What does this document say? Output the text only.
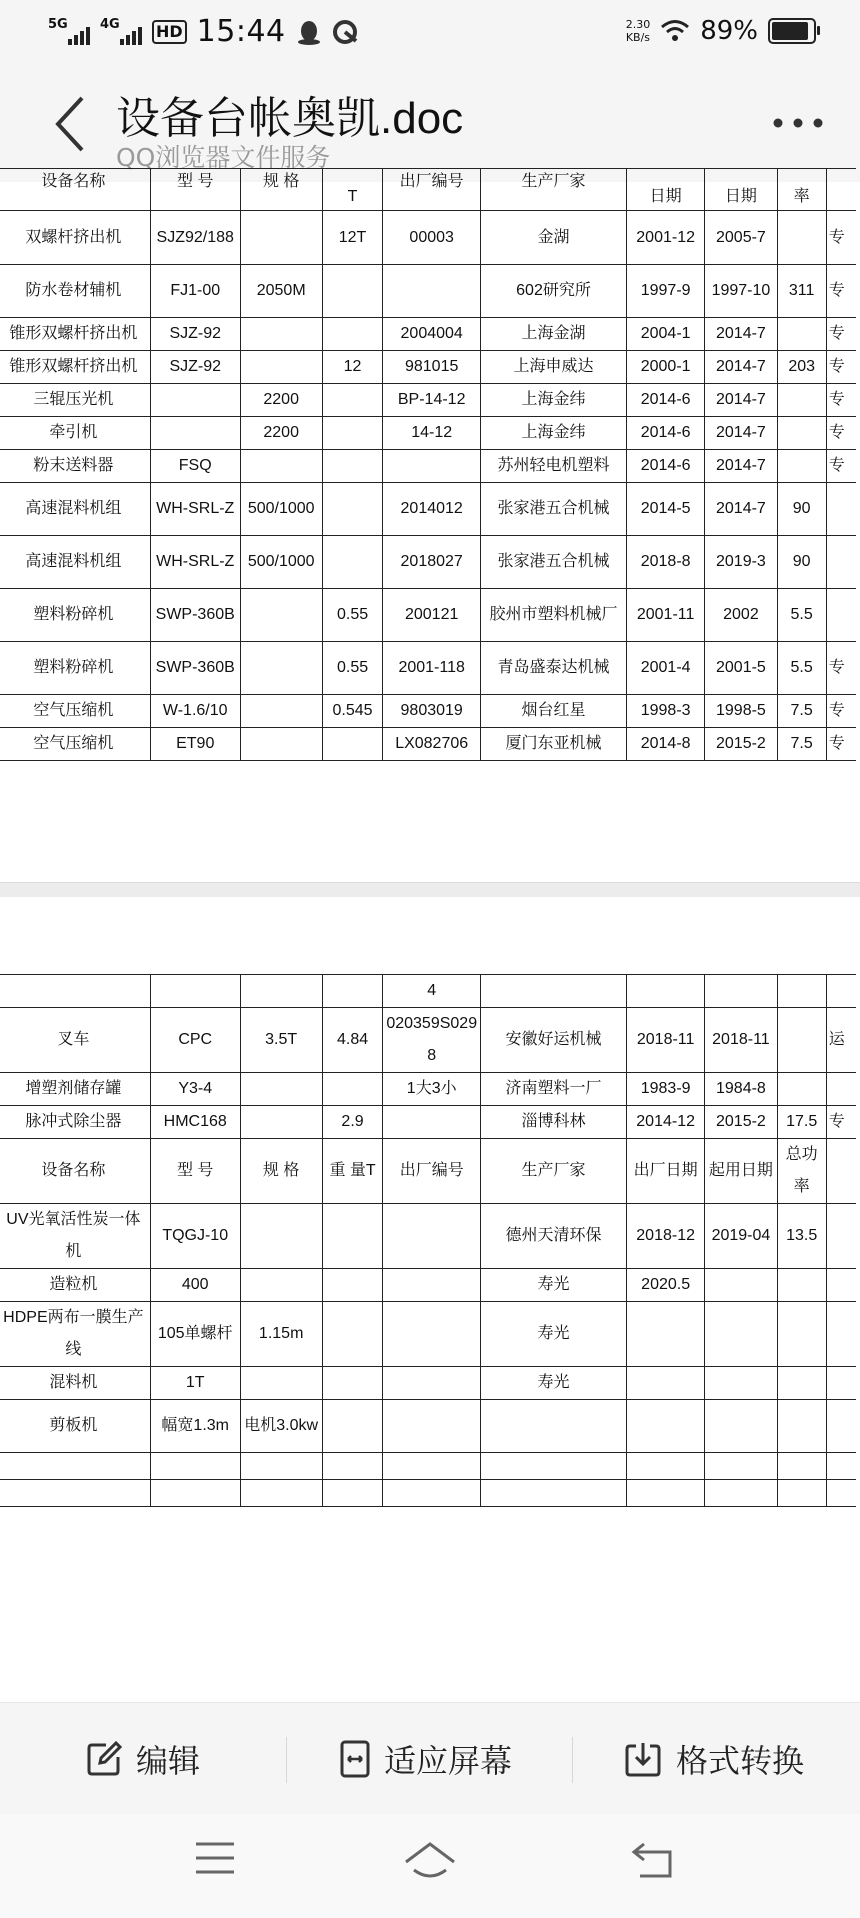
5G 4G HD 15:44	2.30
KB/s 89%
设备台帐奥凯.doc
QQ浏览器文件服务
设备名称	型 号	规 格	T	出厂编号	生产厂家	日期	日期	率	
双螺杆挤出机	SJZ92/188		12T	00003	金湖	2001-12	2005-7		专
防水卷材辅机	FJ1-00	2050M			602研究所	1997-9	1997-10	311	专
锥形双螺杆挤出机	SJZ-92			2004004	上海金湖	2004-1	2014-7		专
锥形双螺杆挤出机	SJZ-92		12	981015	上海申威达	2000-1	2014-7	203	专
三辊压光机		2200		BP-14-12	上海金纬	2014-6	2014-7		专
牵引机		2200		14-12	上海金纬	2014-6	2014-7		专
粉末送料器	FSQ				苏州轻电机塑料	2014-6	2014-7		专
高速混料机组	WH-SRL-Z	500/1000		2014012	张家港五合机械	2014-5	2014-7	90	
高速混料机组	WH-SRL-Z	500/1000		2018027	张家港五合机械	2018-8	2019-3	90	
塑料粉碎机	SWP-360B		0.55	200121	胶州市塑料机械厂	2001-11	2002	5.5	
塑料粉碎机	SWP-360B		0.55	2001-118	青岛盛泰达机械	2001-4	2001-5	5.5	专
空气压缩机	W-1.6/10		0.545	9803019	烟台红星	1998-3	1998-5	7.5	专
空气压缩机	ET90			LX082706	厦门东亚机械	2014-8	2015-2	7.5	专
				4					
叉车	CPC	3.5T	4.84	020359S0298	安徽好运机械	2018-11	2018-11		运
增塑剂储存罐	Y3-4			1大3小	济南塑料一厂	1983-9	1984-8		
脉冲式除尘器	HMC168		2.9		淄博科林	2014-12	2015-2	17.5	专
设备名称	型 号	规 格	重 量T	出厂编号	生产厂家	出厂日期	起用日期	总功率	
UV光氧活性炭一体机	TQGJ-10				德州天清环保	2018-12	2019-04	13.5	
造粒机	400				寿光	2020.5			
HDPE两布一膜生产线	105单螺杆	1.15m			寿光				
混料机	1T				寿光				
剪板机	幅宽1.3m	电机3.0kw							

编辑	适应屏幕	格式转换
